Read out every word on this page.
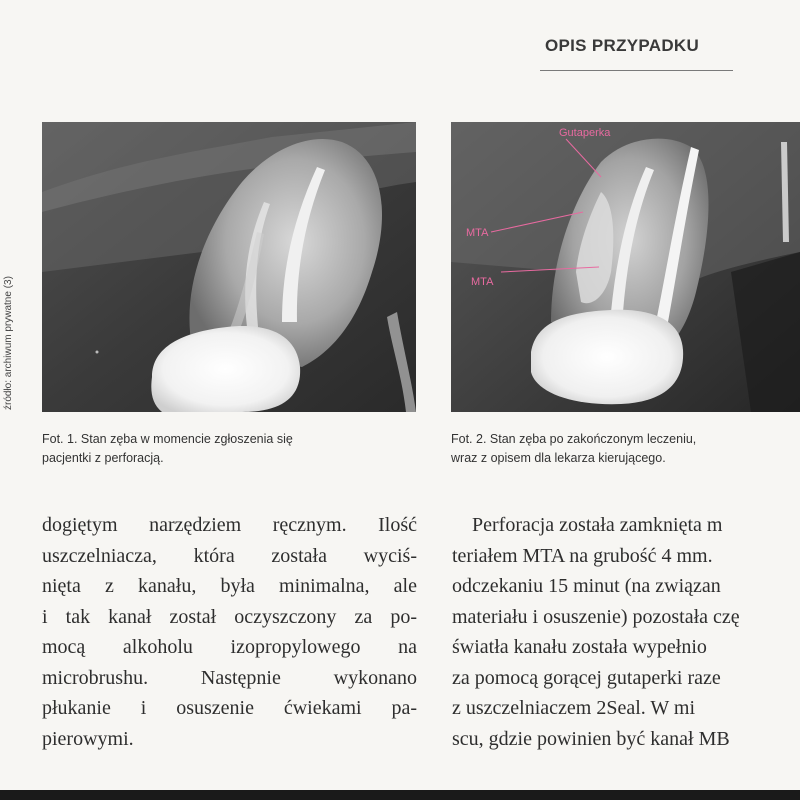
OPIS PRZYPADKU
źródło: archiwum prywatne (3)
Gutaperka
MTA
MTA
Fot. 1. Stan zęba w momencie zgłoszenia się
pacjentki z perforacją.
Fot. 2. Stan zęba po zakończonym leczeniu,
wraz z opisem dla lekarza kierującego.

dogiętym narzędziem ręcznym. Ilość

uszczelniacza, która została wyciś-

nięta z kanału, była minimalna, ale

i tak kanał został oczyszczony za po-

mocą alkoholu izopropylowego na

microbrushu. Następnie wykonano

płukanie i osuszenie ćwiekami pa-

pierowymi.

Perforacja została zamknięta m

teriałem MTA na grubość 4 mm.

odczekaniu 15 minut (na związan

materiału i osuszenie) pozostała czę

światła kanału została wypełnio

za pomocą gorącej gutaperki raze

z uszczelniaczem 2Seal. W mi

scu, gdzie powinien być kanał MB
